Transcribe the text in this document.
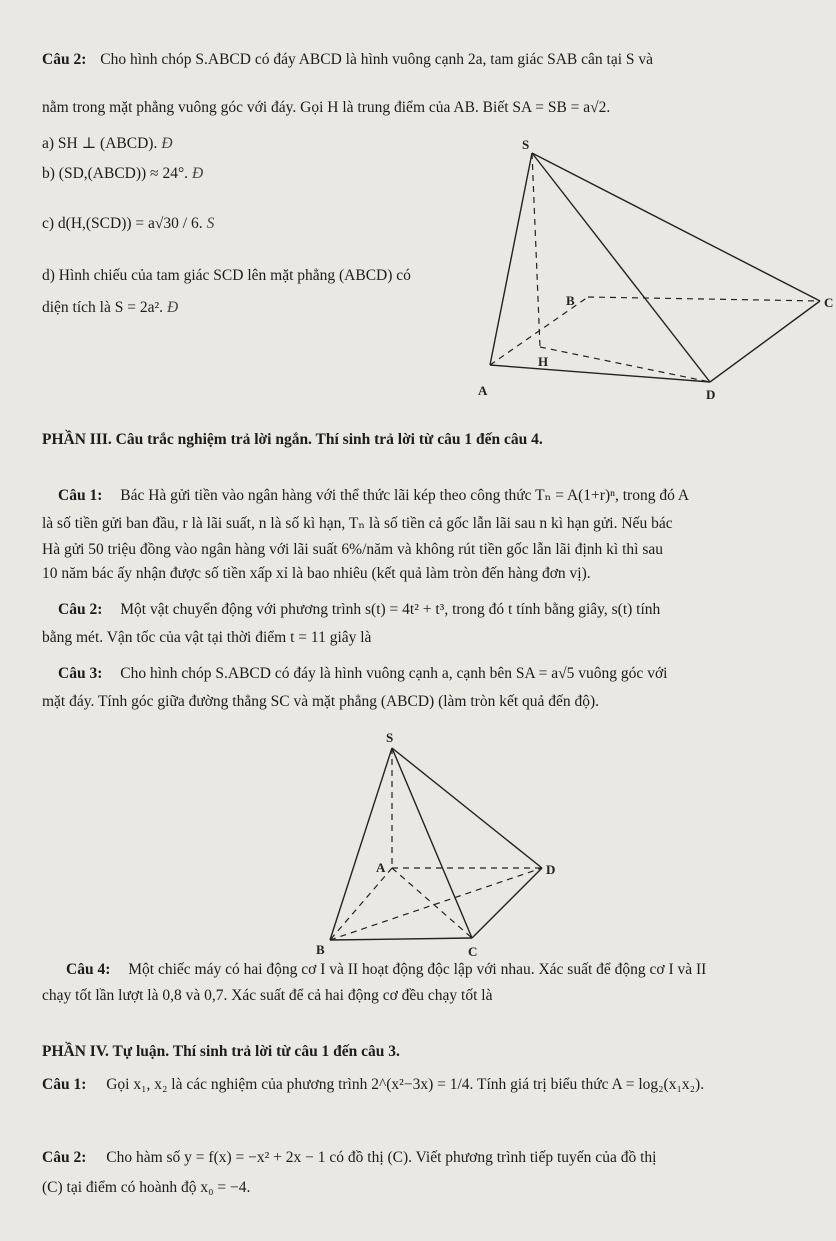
Câu 2: Cho hình chóp S.ABCD có đáy ABCD là hình vuông cạnh 2a, tam giác SAB cân tại S và
nằm trong mặt phẳng vuông góc với đáy. Gọi H là trung điểm của AB. Biết SA = SB = a√2.
a) SH ⊥ (ABCD). Đ
b) (SD,(ABCD)) ≈ 24°. Đ
c) d(H,(SCD)) = a√30 / 6. S
d) Hình chiếu của tam giác SCD lên mặt phẳng (ABCD) có
diện tích là S = 2a². Đ
S
B	C
H
A	D
PHẦN III. Câu trắc nghiệm trả lời ngắn. Thí sinh trả lời từ câu 1 đến câu 4.
Câu 1: Bác Hà gửi tiền vào ngân hàng với thể thức lãi kép theo công thức Tₙ = A(1+r)ⁿ, trong đó A
là số tiền gửi ban đầu, r là lãi suất, n là số kì hạn, Tₙ là số tiền cả gốc lẫn lãi sau n kì hạn gửi. Nếu bác
Hà gửi 50 triệu đồng vào ngân hàng với lãi suất 6%/năm và không rút tiền gốc lẫn lãi định kì thì sau
10 năm bác ấy nhận được số tiền xấp xỉ là bao nhiêu (kết quả làm tròn đến hàng đơn vị).
Câu 2: Một vật chuyển động với phương trình s(t) = 4t² + t³, trong đó t tính bằng giây, s(t) tính
bằng mét. Vận tốc của vật tại thời điểm t = 11 giây là
Câu 3: Cho hình chóp S.ABCD có đáy là hình vuông cạnh a, cạnh bên SA = a√5 vuông góc với
mặt đáy. Tính góc giữa đường thẳng SC và mặt phẳng (ABCD) (làm tròn kết quả đến độ).
S
A	D
B	C
Câu 4: Một chiếc máy có hai động cơ I và II hoạt động độc lập với nhau. Xác suất để động cơ I và II
chạy tốt lần lượt là 0,8 và 0,7. Xác suất để cả hai động cơ đều chạy tốt là
PHẦN IV. Tự luận. Thí sinh trả lời từ câu 1 đến câu 3.
Câu 1: Gọi x₁, x₂ là các nghiệm của phương trình 2^(x²−3x) = 1/4. Tính giá trị biểu thức A = log₂(x₁x₂).
Câu 2: Cho hàm số y = f(x) = −x² + 2x − 1 có đồ thị (C). Viết phương trình tiếp tuyến của đồ thị
(C) tại điểm có hoành độ x₀ = −4.
